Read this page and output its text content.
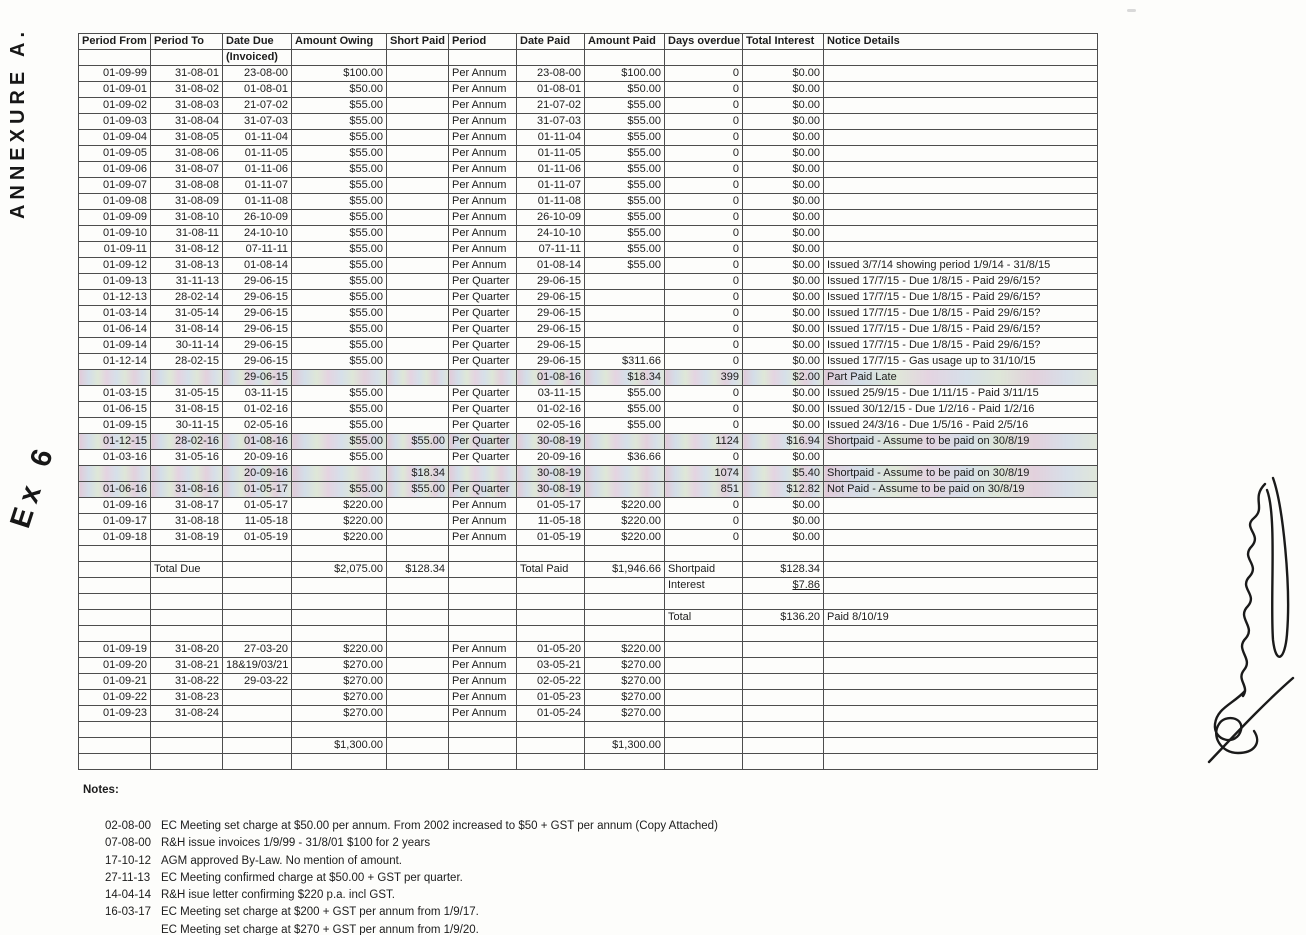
ANNEXURE A.
Ex 6
Period From	Period To	Date Due	Amount Owing	Short Paid	Period	Date Paid	Amount Paid	Days overdue	Total Interest	Notice Details
		(Invoiced)								
01-09-99	31-08-01	23-08-00	$100.00		Per Annum	23-08-00	$100.00	0	$0.00	
01-09-01	31-08-02	01-08-01	$50.00		Per Annum	01-08-01	$50.00	0	$0.00	
01-09-02	31-08-03	21-07-02	$55.00		Per Annum	21-07-02	$55.00	0	$0.00	
01-09-03	31-08-04	31-07-03	$55.00		Per Annum	31-07-03	$55.00	0	$0.00	
01-09-04	31-08-05	01-11-04	$55.00		Per Annum	01-11-04	$55.00	0	$0.00	
01-09-05	31-08-06	01-11-05	$55.00		Per Annum	01-11-05	$55.00	0	$0.00	
01-09-06	31-08-07	01-11-06	$55.00		Per Annum	01-11-06	$55.00	0	$0.00	
01-09-07	31-08-08	01-11-07	$55.00		Per Annum	01-11-07	$55.00	0	$0.00	
01-09-08	31-08-09	01-11-08	$55.00		Per Annum	01-11-08	$55.00	0	$0.00	
01-09-09	31-08-10	26-10-09	$55.00		Per Annum	26-10-09	$55.00	0	$0.00	
01-09-10	31-08-11	24-10-10	$55.00		Per Annum	24-10-10	$55.00	0	$0.00	
01-09-11	31-08-12	07-11-11	$55.00		Per Annum	07-11-11	$55.00	0	$0.00	
01-09-12	31-08-13	01-08-14	$55.00		Per Annum	01-08-14	$55.00	0	$0.00	Issued 3/7/14 showing period 1/9/14 - 31/8/15
01-09-13	31-11-13	29-06-15	$55.00		Per Quarter	29-06-15		0	$0.00	Issued 17/7/15 - Due 1/8/15 - Paid 29/6/15?
01-12-13	28-02-14	29-06-15	$55.00		Per Quarter	29-06-15		0	$0.00	Issued 17/7/15 - Due 1/8/15 - Paid 29/6/15?
01-03-14	31-05-14	29-06-15	$55.00		Per Quarter	29-06-15		0	$0.00	Issued 17/7/15 - Due 1/8/15 - Paid 29/6/15?
01-06-14	31-08-14	29-06-15	$55.00		Per Quarter	29-06-15		0	$0.00	Issued 17/7/15 - Due 1/8/15 - Paid 29/6/15?
01-09-14	30-11-14	29-06-15	$55.00		Per Quarter	29-06-15		0	$0.00	Issued 17/7/15 - Due 1/8/15 - Paid 29/6/15?
01-12-14	28-02-15	29-06-15	$55.00		Per Quarter	29-06-15	$311.66	0	$0.00	Issued 17/7/15 - Gas usage up to 31/10/15
		29-06-15				01-08-16	$18.34	399	$2.00	Part Paid Late
01-03-15	31-05-15	03-11-15	$55.00		Per Quarter	03-11-15	$55.00	0	$0.00	Issued 25/9/15 - Due 1/11/15 - Paid 3/11/15
01-06-15	31-08-15	01-02-16	$55.00		Per Quarter	01-02-16	$55.00	0	$0.00	Issued 30/12/15 - Due 1/2/16 - Paid 1/2/16
01-09-15	30-11-15	02-05-16	$55.00		Per Quarter	02-05-16	$55.00	0	$0.00	Issued 24/3/16 - Due 1/5/16 - Paid 2/5/16
01-12-15	28-02-16	01-08-16	$55.00	$55.00	Per Quarter	30-08-19		1124	$16.94	Shortpaid - Assume to be paid on 30/8/19
01-03-16	31-05-16	20-09-16	$55.00		Per Quarter	20-09-16	$36.66	0	$0.00	
		20-09-16		$18.34		30-08-19		1074	$5.40	Shortpaid - Assume to be paid on 30/8/19
01-06-16	31-08-16	01-05-17	$55.00	$55.00	Per Quarter	30-08-19		851	$12.82	Not Paid - Assume to be paid on 30/8/19
01-09-16	31-08-17	01-05-17	$220.00		Per Annum	01-05-17	$220.00	0	$0.00	
01-09-17	31-08-18	11-05-18	$220.00		Per Annum	11-05-18	$220.00	0	$0.00	
01-09-18	31-08-19	01-05-19	$220.00		Per Annum	01-05-19	$220.00	0	$0.00	

	Total Due		$2,075.00	$128.34		Total Paid	$1,946.66	Shortpaid	$128.34	
								Interest	$7.86	

								Total	$136.20	Paid 8/10/19

01-09-19	31-08-20	27-03-20	$220.00		Per Annum	01-05-20	$220.00			
01-09-20	31-08-21	18&19/03/21	$270.00		Per Annum	03-05-21	$270.00			
01-09-21	31-08-22	29-03-22	$270.00		Per Annum	02-05-22	$270.00			
01-09-22	31-08-23		$270.00		Per Annum	01-05-23	$270.00			
01-09-23	31-08-24		$270.00		Per Annum	01-05-24	$270.00			

			$1,300.00				$1,300.00			

Notes:
02-08-00 EC Meeting set charge at $50.00 per annum. From 2002 increased to $50 + GST per annum (Copy Attached)
07-08-00 R&H issue invoices 1/9/99 - 31/8/01 $100 for 2 years
17-10-12 AGM approved By-Law. No mention of amount.
27-11-13 EC Meeting confirmed charge at $50.00 + GST per quarter.
14-04-14 R&H isue letter confirming $220 p.a. incl GST.
16-03-17 EC Meeting set charge at $200 + GST per annum from 1/9/17.
EC Meeting set charge at $270 + GST per annum from 1/9/20.
